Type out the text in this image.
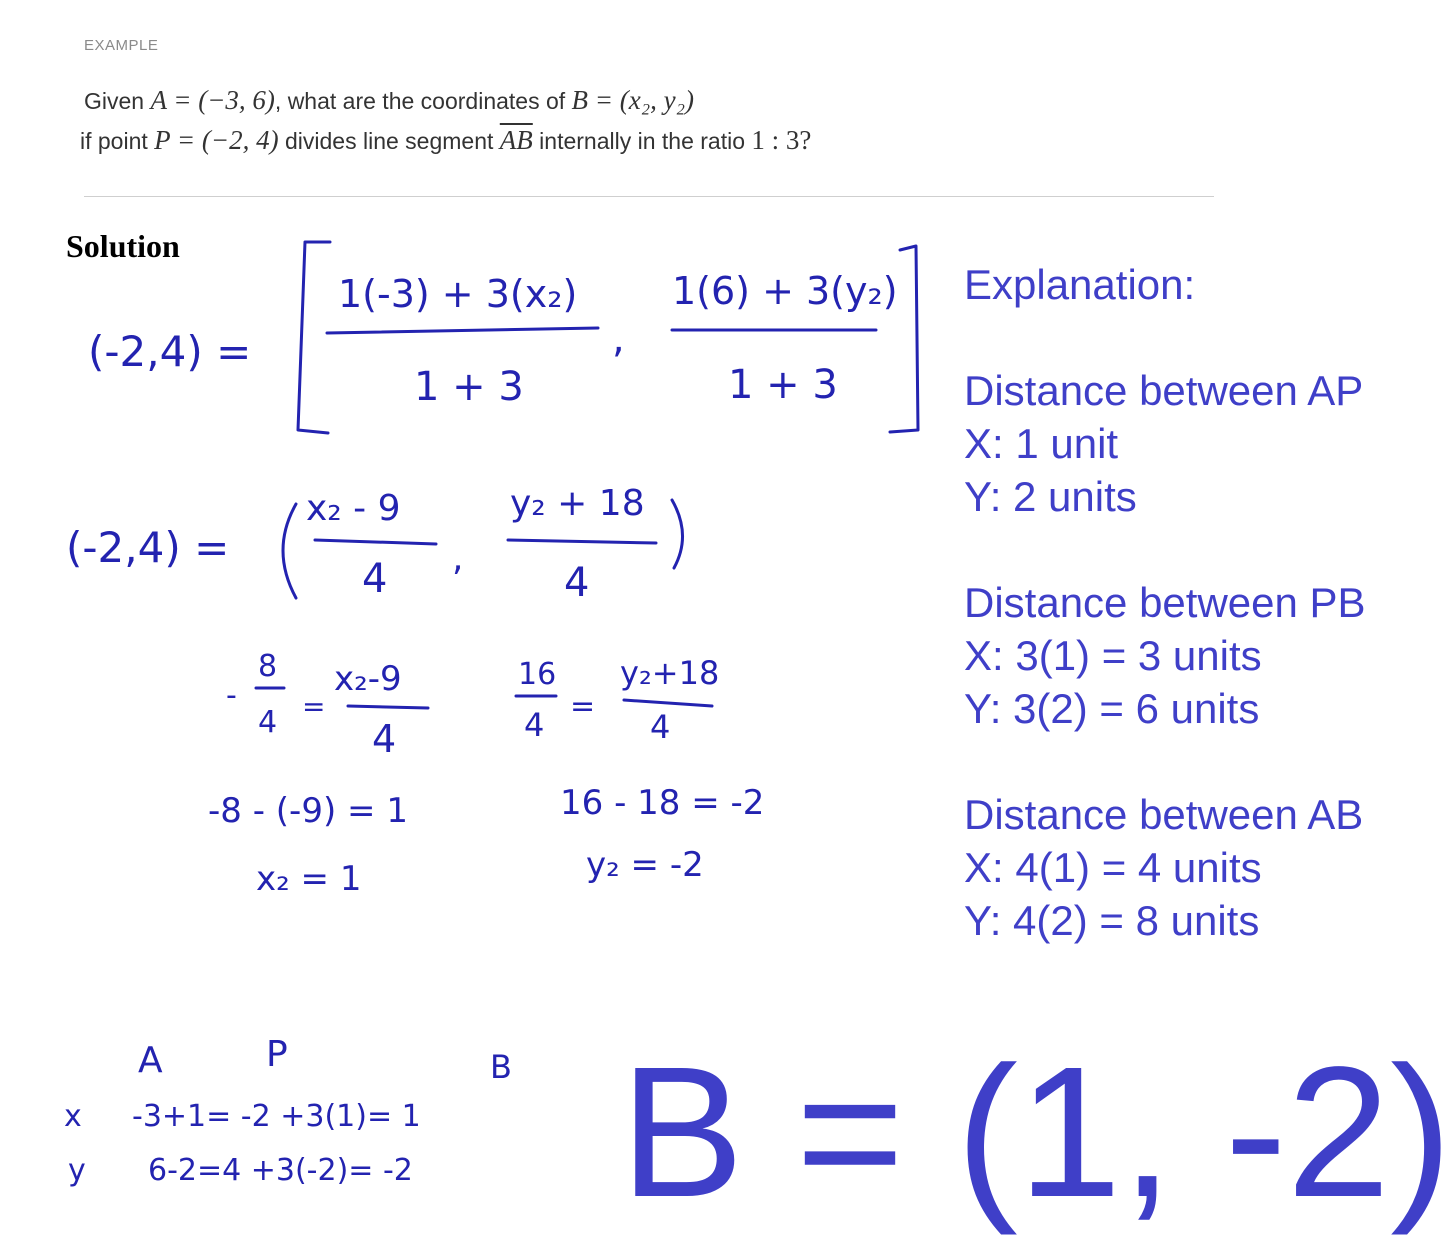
EXAMPLE
Given A = (−3, 6), what are the coordinates of B = (x₂, y₂)
if point P = (−2, 4) divides line segment $\overline{AB}$ internally in the ratio 1 : 3?
Solution
(-2,4) =
1(-3) + 3(x₂)
1 + 3
,
1(6) + 3(y₂)
1 + 3
(-2,4) =
x₂ - 9
4 ,
y₂ + 18
4
-
8
4 =
x₂-9
4
16
4 =
y₂+18
4
-8 - (-9) = 1	16 - 18 = -2
x₂ = 1	y₂ = -2
A	P	B
x -3+1= -2 +3(1)= 1
y 6-2=4 +3(-2)= -2
Explanation:
Distance between AP
X: 1 unit
Y: 2 units
Distance between PB
X: 3(1) = 3 units
Y: 3(2) = 6 units
Distance between AB
X: 4(1) = 4 units
Y: 4(2) = 8 units
B = (1, -2)
